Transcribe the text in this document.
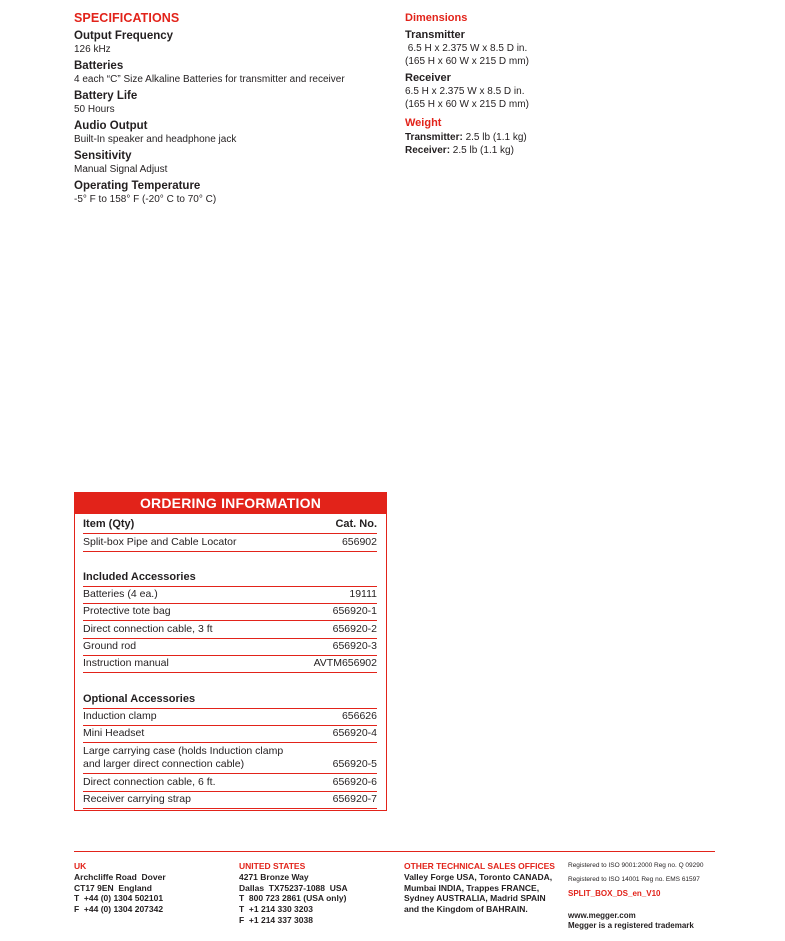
SPECIFICATIONS
Output Frequency
126 kHz
Batteries
4 each “C” Size Alkaline Batteries for transmitter and receiver
Battery Life
50 Hours
Audio Output
Built-In speaker and headphone jack
Sensitivity
Manual Signal Adjust
Operating Temperature
-5° F to 158° F (-20° C to 70° C)
Dimensions
Transmitter
6.5 H x 2.375 W x 8.5 D in.
(165 H x 60 W x 215 D mm)
Receiver
6.5 H x 2.375 W x 8.5 D in.
(165 H x 60 W x 215 D mm)
Weight
Transmitter: 2.5 lb (1.1 kg)
Receiver: 2.5 lb (1.1 kg)
ORDERING INFORMATION
Item (Qty)	Cat. No.
Split-box Pipe and Cable Locator	656902
Included Accessories
Batteries (4 ea.)	19111
Protective tote bag	656920-1
Direct connection cable, 3 ft	656920-2
Ground rod	656920-3
Instruction manual	AVTM656902
Optional Accessories
Induction clamp	656626
Mini Headset	656920-4
Large carrying case (holds Induction clamp
and larger direct connection cable)	656920-5
Direct connection cable, 6 ft.	656920-6
Receiver carrying strap	656920-7
UK
Archcliffe Road  Dover
CT17 9EN  England
T  +44 (0) 1304 502101
F  +44 (0) 1304 207342
UNITED STATES
4271 Bronze Way
Dallas  TX75237-1088  USA
T  800 723 2861 (USA only)
T  +1 214 330 3203
F  +1 214 337 3038
OTHER TECHNICAL SALES OFFICES
Valley Forge USA, Toronto CANADA,
Mumbai INDIA, Trappes FRANCE,
Sydney AUSTRALIA, Madrid SPAIN
and the Kingdom of BAHRAIN.
Registered to ISO 9001:2000 Reg no. Q 09290
Registered to ISO 14001 Reg no. EMS 61597
SPLIT_BOX_DS_en_V10
www.megger.com
Megger is a registered trademark
